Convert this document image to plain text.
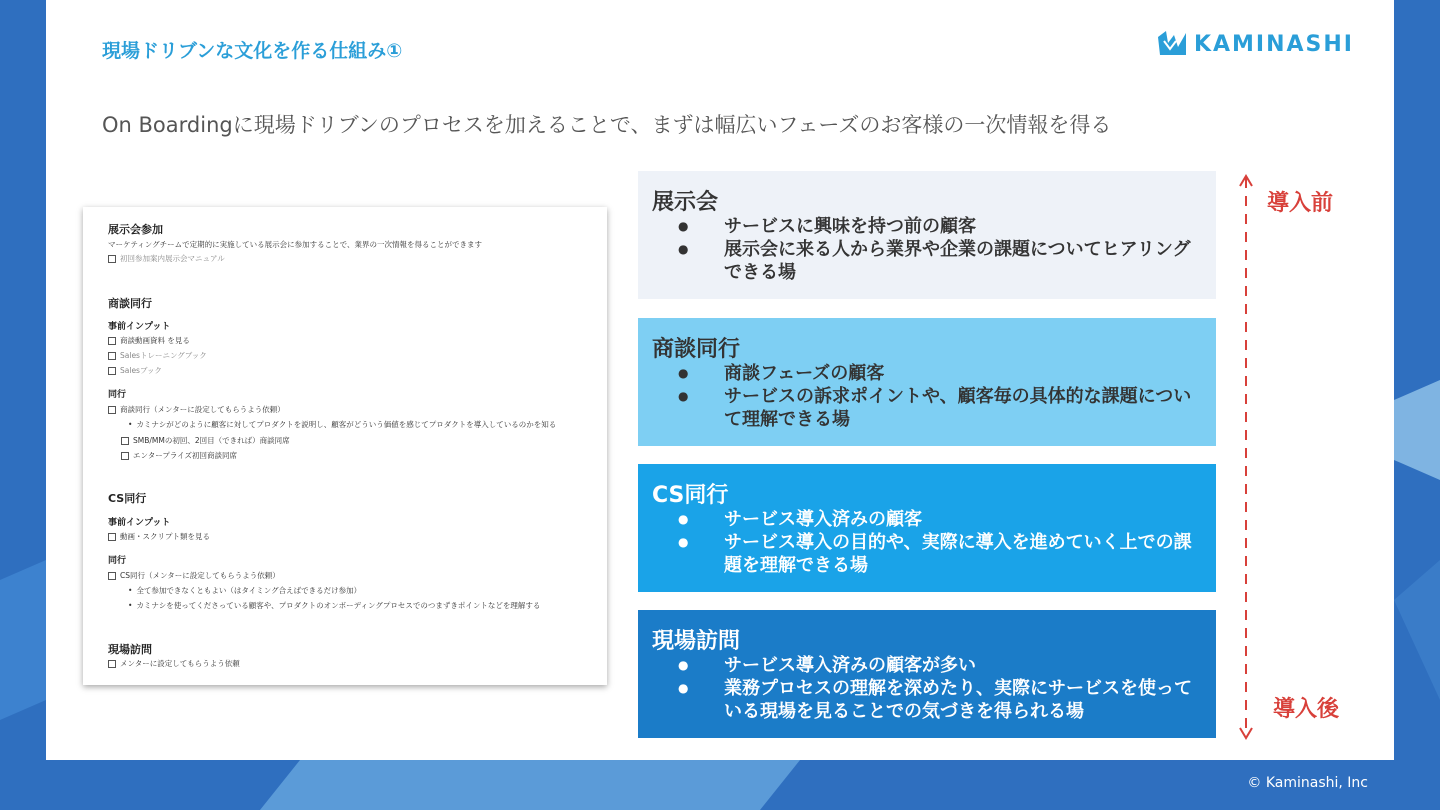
現場ドリブンな文化を作る仕組み①	KAMINASHI
On Boardingに現場ドリブンのプロセスを加えることで、まずは幅広いフェーズのお客様の一次情報を得る
展示会参加
マーケティングチームで定期的に実施している展示会に参加することで、業界の一次情報を得ることができます
初回参加案内展示会マニュアル
商談同行
事前インプット
商談動画資料 を見る
Salesトレーニングブック
Salesブック
同行
商談同行（メンターに設定してもらうよう依頼）
• カミナシがどのように顧客に対してプロダクトを説明し、顧客がどういう価値を感じてプロダクトを導入しているのかを知る
SMB/MMの初回、2回目（できれば）商談同席
エンタープライズ初回商談同席
CS同行
事前インプット
動画・スクリプト類を見る
同行
CS同行（メンターに設定してもらうよう依頼）
• 全て参加できなくともよい（はタイミング合えばできるだけ参加）
• カミナシを使ってくださっている顧客や、プロダクトのオンボーディングプロセスでのつまずきポイントなどを理解する
現場訪問
メンターに設定してもらうよう依頼
展示会
● サービスに興味を持つ前の顧客
● 展示会に来る人から業界や企業の課題についてヒアリングできる場
商談同行
● 商談フェーズの顧客
● サービスの訴求ポイントや、顧客毎の具体的な課題について理解できる場
CS同行
● サービス導入済みの顧客
● サービス導入の目的や、実際に導入を進めていく上での課題を理解できる場
現場訪問
● サービス導入済みの顧客が多い
● 業務プロセスの理解を深めたり、実際にサービスを使っている現場を見ることでの気づきを得られる場
導入前
導入後
© Kaminashi, Inc
